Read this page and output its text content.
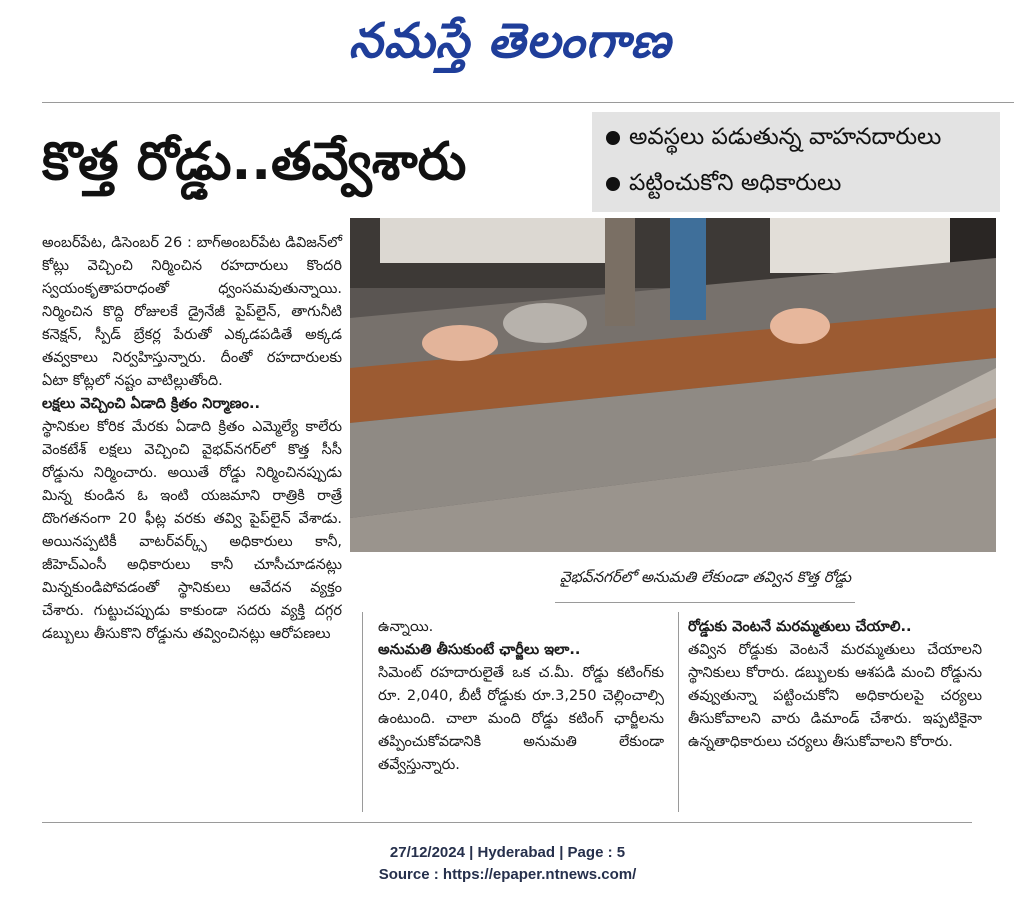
నమస్తే తెలంగాణ
కొత్త రోడ్డు..తవ్వేశారు	అవస్థలు పడుతున్న వాహనదారులు
పట్టించుకోని అధికారులు
వైభవ్‌నగర్‌లో అనుమతి లేకుండా తవ్విన కొత్త రోడ్డు

అంబర్‌పేట, డిసెంబర్ 26 : బాగ్‌అంబర్‌పేట డివిజన్‌లో కోట్లు వెచ్చించి నిర్మించిన రహదారులు కొందరి స్వయంకృతాపరాధంతో ధ్వంసమవుతున్నాయి. నిర్మించిన కొద్ది రోజులకే డ్రైనేజీ పైప్‌లైన్, తాగునీటి కనెక్షన్, స్పీడ్ బ్రేకర్ల పేరుతో ఎక్కడపడితే అక్కడ తవ్వకాలు నిర్వహిస్తున్నారు. దీంతో రహదారులకు ఏటా కోట్లలో నష్టం వాటిల్లుతోంది.

లక్షలు వెచ్చించి ఏడాది క్రితం నిర్మాణం..

స్థానికుల కోరిక మేరకు ఏడాది క్రితం ఎమ్మెల్యే కాలేరు వెంకటేశ్ లక్షలు వెచ్చించి వైభవ్‌నగర్‌లో కొత్త సీసీ రోడ్డును నిర్మించారు. అయితే రోడ్డు నిర్మించినప్పుడు మిన్న కుండిన ఓ ఇంటి యజమాని రాత్రికి రాత్రే దొంగతనంగా 20 ఫీట్ల వరకు తవ్వి పైప్‌లైన్ వేశాడు. అయినప్పటికీ వాటర్‌వర్క్స్ అధికారులు కానీ, జీహెచ్‌ఎంసీ అధికారులు కానీ చూసీచూడనట్లు మిన్నకుండిపోవడంతో స్థానికులు ఆవేదన వ్యక్తం చేశారు. గుట్టుచప్పుడు కాకుండా సదరు వ్యక్తి దగ్గర డబ్బులు తీసుకొని రోడ్డును తవ్వించినట్లు ఆరోపణలు	ఉన్నాయి.

అనుమతి తీసుకుంటే ఛార్జీలు ఇలా..

సిమెంట్ రహదారులైతే ఒక చ.మీ. రోడ్డు కటింగ్‌కు రూ. 2,040, బీటీ రోడ్డుకు రూ.3,250 చెల్లించాల్సి ఉంటుంది. చాలా మంది రోడ్డు కటింగ్ ఛార్జీలను తప్పించుకోవడానికి అనుమతి లేకుండా తవ్వేస్తున్నారు.

రోడ్డుకు వెంటనే మరమ్మతులు చేయాలి..

తవ్విన రోడ్డుకు వెంటనే మరమ్మతులు చేయాలని స్థానికులు కోరారు. డబ్బులకు ఆశపడి మంచి రోడ్డును తవ్వుతున్నా పట్టించుకోని అధికారులపై చర్యలు తీసుకోవాలని వారు డిమాండ్ చేశారు. ఇప్పటికైనా ఉన్నతాధికారులు చర్యలు తీసుకోవాలని కోరారు.

27/12/2024 | Hyderabad | Page : 5
Source : https://epaper.ntnews.com/
